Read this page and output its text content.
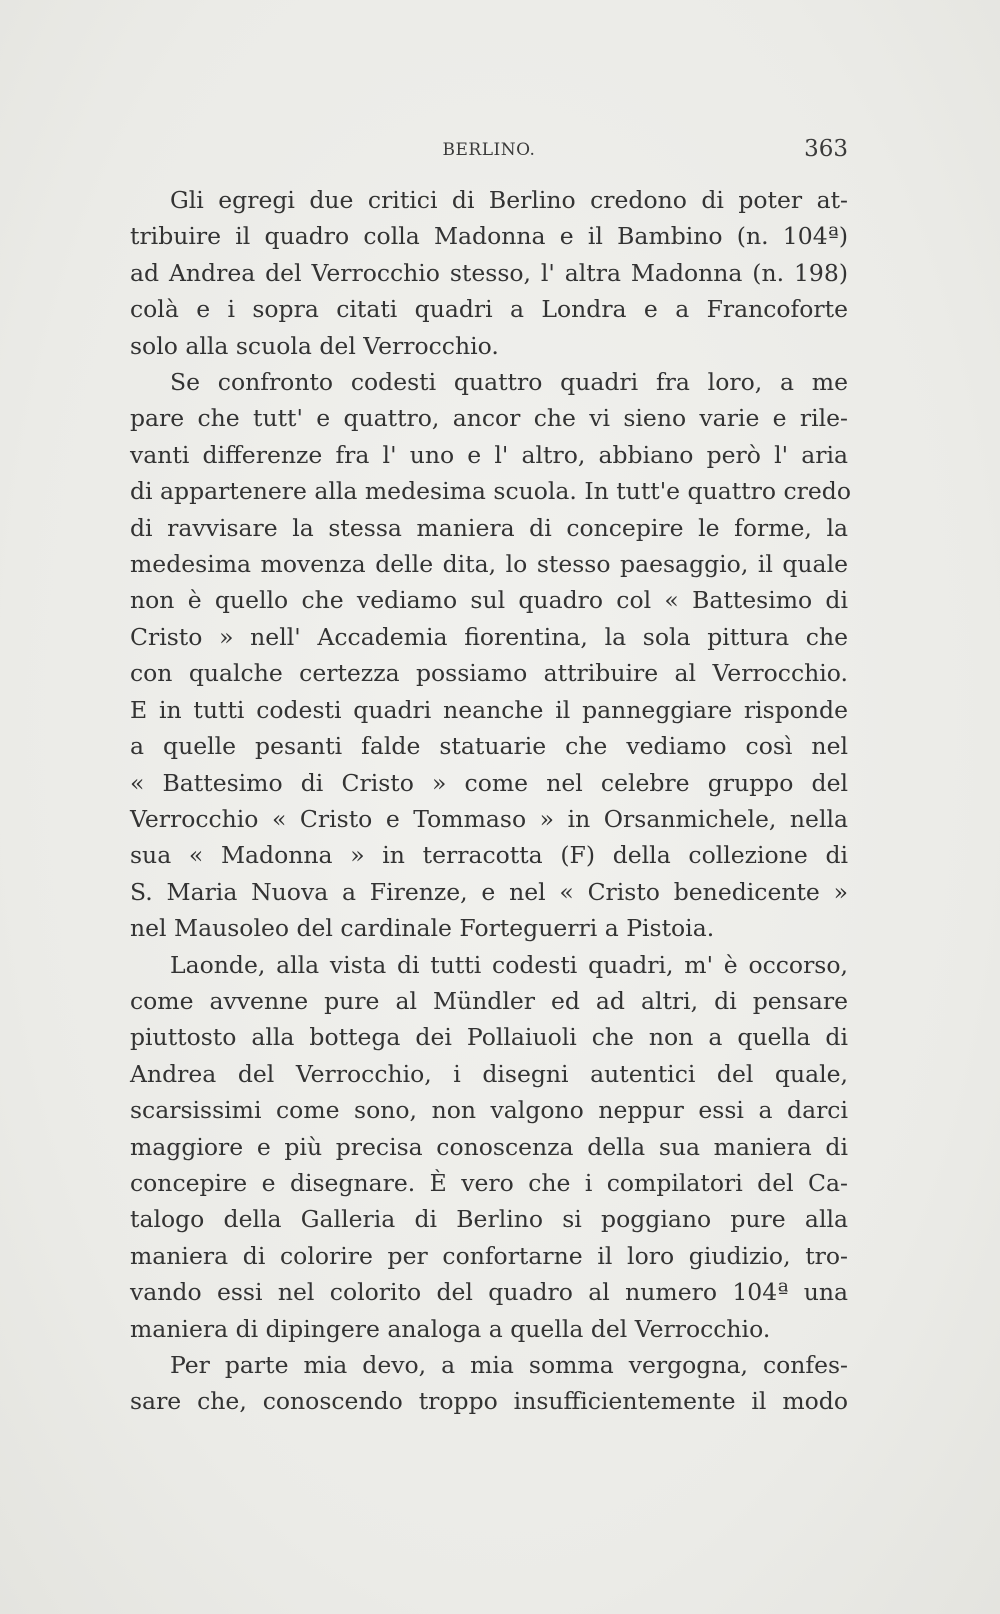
BERLINO.	363

Gli egregi due critici di Berlino credono di poter at-
tribuire il quadro colla Madonna e il Bambino (n. 104ª)
ad Andrea del Verrocchio stesso, l' altra Madonna (n. 198)
colà e i sopra citati quadri a Londra e a Francoforte
solo alla scuola del Verrocchio.

Se confronto codesti quattro quadri fra loro, a me
pare che tutt' e quattro, ancor che vi sieno varie e rile-
vanti differenze fra l' uno e l' altro, abbiano però l' aria
di appartenere alla medesima scuola. In tutt'e quattro credo
di ravvisare la stessa maniera di concepire le forme, la
medesima movenza delle dita, lo stesso paesaggio, il quale
non è quello che vediamo sul quadro col « Battesimo di
Cristo » nell' Accademia fiorentina, la sola pittura che
con qualche certezza possiamo attribuire al Verrocchio.
E in tutti codesti quadri neanche il panneggiare risponde
a quelle pesanti falde statuarie che vediamo così nel
« Battesimo di Cristo » come nel celebre gruppo del
Verrocchio « Cristo e Tommaso » in Orsanmichele, nella
sua « Madonna » in terracotta (F) della collezione di
S. Maria Nuova a Firenze, e nel « Cristo benedicente »
nel Mausoleo del cardinale Forteguerri a Pistoia.

Laonde, alla vista di tutti codesti quadri, m' è occorso,
come avvenne pure al Mündler ed ad altri, di pensare
piuttosto alla bottega dei Pollaiuoli che non a quella di
Andrea del Verrocchio, i disegni autentici del quale,
scarsissimi come sono, non valgono neppur essi a darci
maggiore e più precisa conoscenza della sua maniera di
concepire e disegnare. È vero che i compilatori del Ca-
talogo della Galleria di Berlino si poggiano pure alla
maniera di colorire per confortarne il loro giudizio, tro-
vando essi nel colorito del quadro al numero 104ª una
maniera di dipingere analoga a quella del Verrocchio.

Per parte mia devo, a mia somma vergogna, confes-
sare che, conoscendo troppo insufficientemente il modo
